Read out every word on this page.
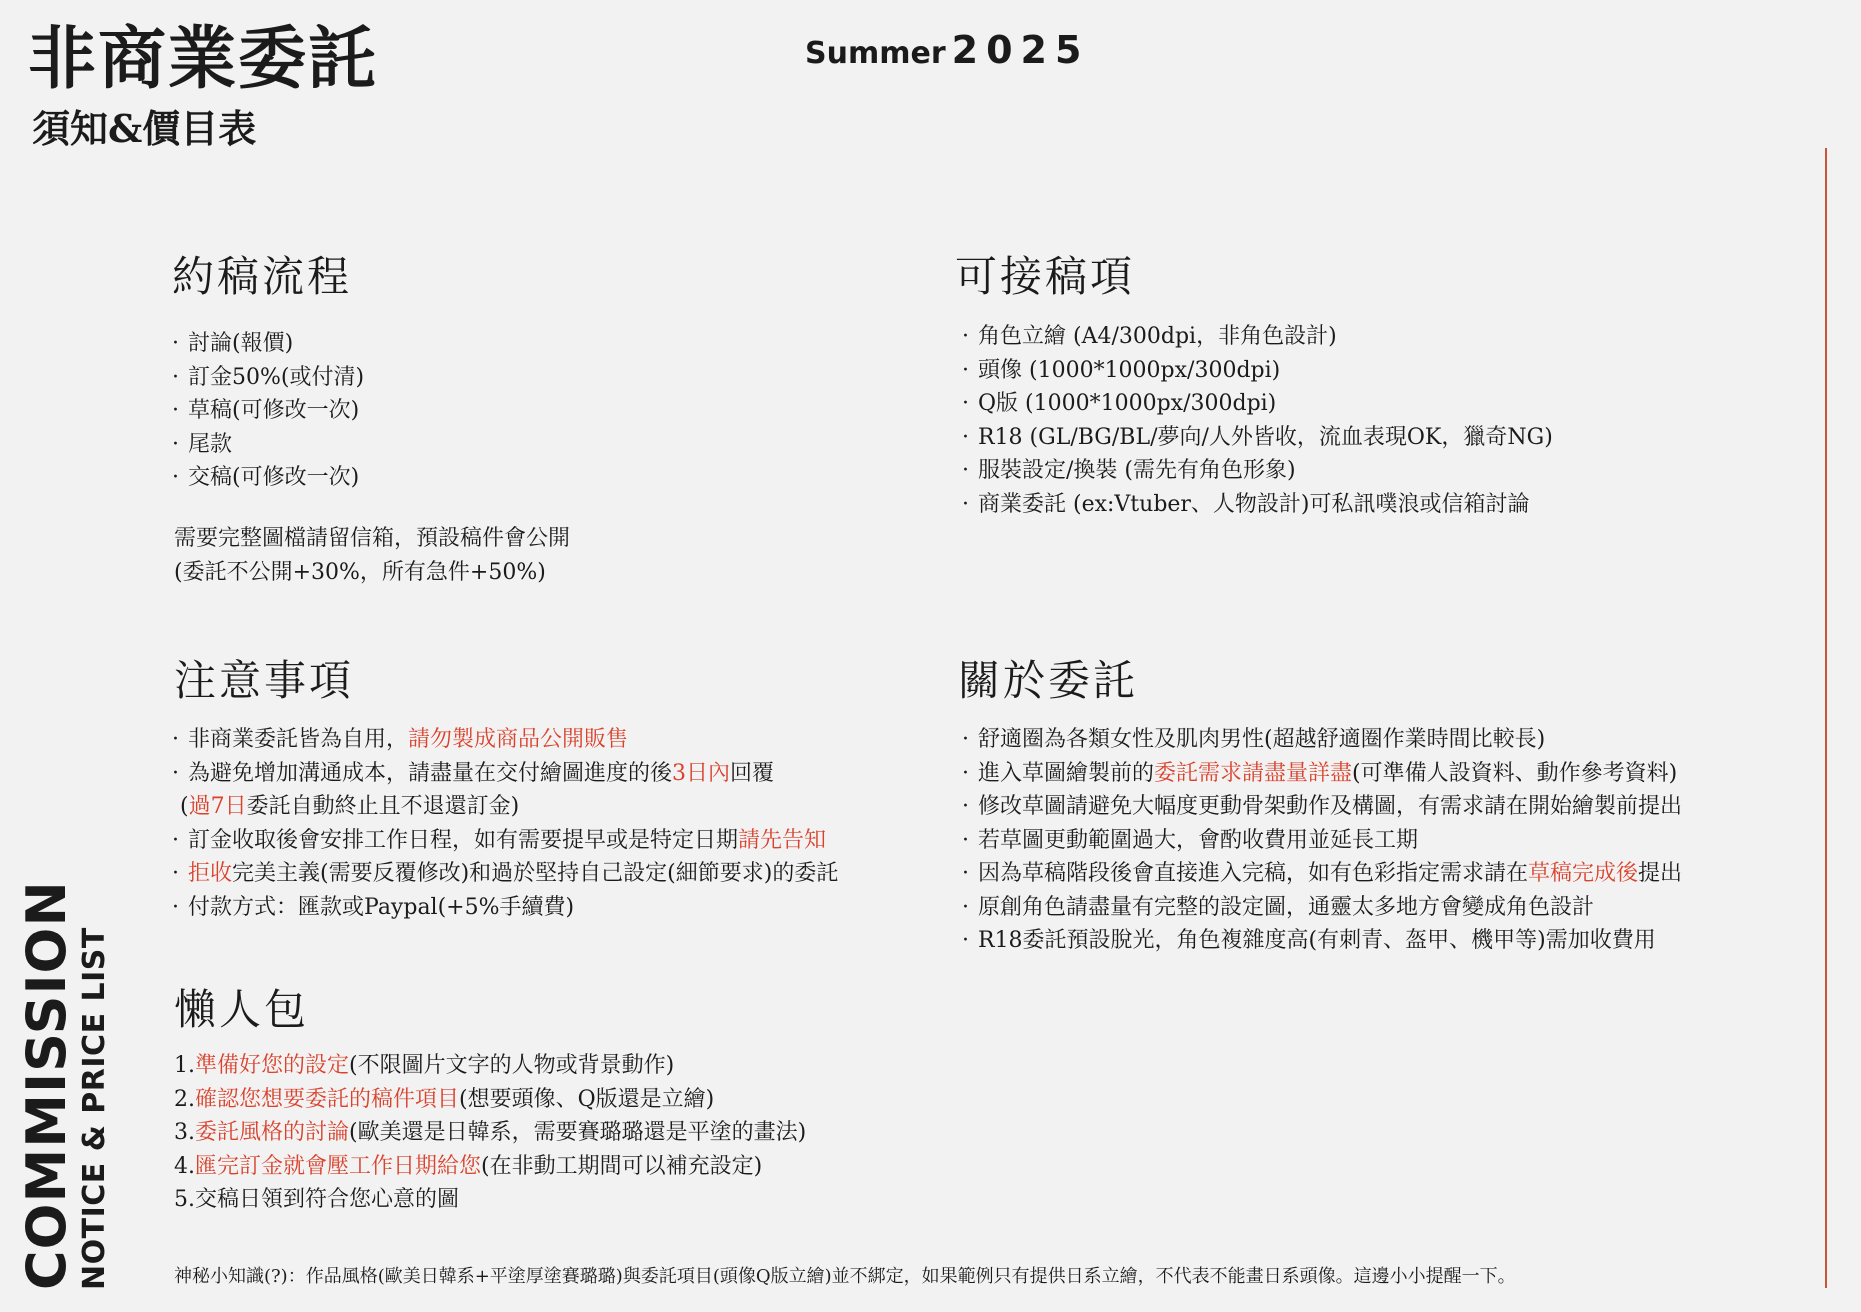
非商業委託
須知&價目表
Summer 2025
COMMISSION NOTICE & PRICE LIST
約稿流程
· 討論(報價)
· 訂金50%(或付清)
· 草稿(可修改一次)
· 尾款
· 交稿(可修改一次)
需要完整圖檔請留信箱，預設稿件會公開
(委託不公開+30%，所有急件+50%)
可接稿項
· 角色立繪 (A4/300dpi，非角色設計)
· 頭像 (1000*1000px/300dpi)
· Q版 (1000*1000px/300dpi)
· R18 (GL/BG/BL/夢向/人外皆收，流血表現OK，獵奇NG)
· 服裝設定/換裝 (需先有角色形象)
· 商業委託 (ex:Vtuber、人物設計)可私訊噗浪或信箱討論
注意事項
· 非商業委託皆為自用，請勿製成商品公開販售
· 為避免增加溝通成本，請盡量在交付繪圖進度的後3日內回覆
(過7日委託自動終止且不退還訂金)
· 訂金收取後會安排工作日程，如有需要提早或是特定日期請先告知
· 拒收完美主義(需要反覆修改)和過於堅持自己設定(細節要求)的委託
· 付款方式：匯款或Paypal(+5%手續費)
關於委託
· 舒適圈為各類女性及肌肉男性(超越舒適圈作業時間比較長)
· 進入草圖繪製前的委託需求請盡量詳盡(可準備人設資料、動作參考資料)
· 修改草圖請避免大幅度更動骨架動作及構圖，有需求請在開始繪製前提出
· 若草圖更動範圍過大，會酌收費用並延長工期
· 因為草稿階段後會直接進入完稿，如有色彩指定需求請在草稿完成後提出
· 原創角色請盡量有完整的設定圖，通靈太多地方會變成角色設計
· R18委託預設脫光，角色複雜度高(有刺青、盔甲、機甲等)需加收費用
懶人包
1.準備好您的設定(不限圖片文字的人物或背景動作)
2.確認您想要委託的稿件項目(想要頭像、Q版還是立繪)
3.委託風格的討論(歐美還是日韓系，需要賽璐璐還是平塗的畫法)
4.匯完訂金就會壓工作日期給您(在非動工期間可以補充設定)
5.交稿日領到符合您心意的圖
神秘小知識(?)：作品風格(歐美日韓系+平塗厚塗賽璐璐)與委託項目(頭像Q版立繪)並不綁定，如果範例只有提供日系立繪，不代表不能畫日系頭像。這邊小小提醒一下。
